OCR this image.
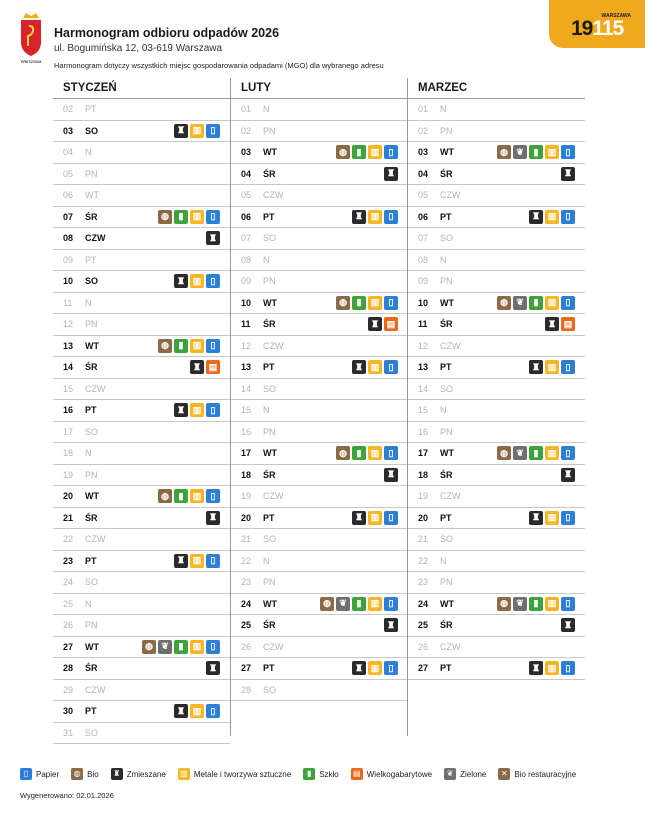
Warszawa
Harmonogram odbioru odpadów 2026
ul. Bogumińska 12, 03-619 Warszawa
Harmonogram dotyczy wszystkich miejsc gospodarowania odpadami (MGO) dla wybranego adresu
WARSZAWA
19115
STYCZEŃ
02	PT
03	SO	♜ ▥	▯
04	N
05	PN
06	WT
07	ŚR	◍	▮	▥	▯
08	CZW	♜
09	PT
10	SO	♜ ▥	▯
11	N
12	PN
13	WT	◍	▮	▥	▯
14	ŚR	♜ ▤
15	CZW
16	PT	♜ ▥	▯
17	SO
18	N
19	PN
20	WT	◍	▮	▥	▯
21	ŚR	♜
22	CZW
23	PT	♜ ▥	▯
24	SO
25	N
26	PN
27	WT	◍ ❦	▮	▥	▯
28	ŚR	♜
29	CZW
30	PT	♜ ▥	▯
31	SO
LUTY
01	N
02	PN
03	WT	◍	▮	▥	▯
04	ŚR	♜
05	CZW
06	PT	♜ ▥	▯
07	SO
08	N
09	PN
10	WT	◍	▮	▥	▯
11	ŚR	♜ ▤
12	CZW
13	PT	♜ ▥	▯
14	SO
15	N
16	PN
17	WT	◍	▮	▥	▯
18	ŚR	♜
19	CZW
20	PT	♜ ▥	▯
21	SO
22	N
23	PN
24	WT	◍ ❦	▮	▥	▯
25	ŚR	♜
26	CZW
27	PT	♜ ▥	▯
28	SO
MARZEC
01	N
02	PN
03	WT	◍ ❦	▮	▥	▯
04	ŚR	♜
05	CZW
06	PT	♜ ▥	▯
07	SO
08	N
09	PN
10	WT	◍ ❦	▮	▥	▯
11	ŚR	♜ ▤
12	CZW
13	PT	♜ ▥	▯
14	SO
15	N
16	PN
17	WT	◍ ❦	▮	▥	▯
18	ŚR	♜
19	CZW
20	PT	♜ ▥	▯
21	SO
22	N
23	PN
24	WT	◍ ❦	▮	▥	▯
25	ŚR	♜
26	CZW
27	PT	♜ ▥	▯
▯ Papier	◍ Bio	♜ Zmieszane ▥ Metale i tworzywa sztuczne	▮ Szkło ▤ Wielkogabarytowe	❦ Zielone	✕ Bio restauracyjne
Wygenerowano: 02.01.2026
